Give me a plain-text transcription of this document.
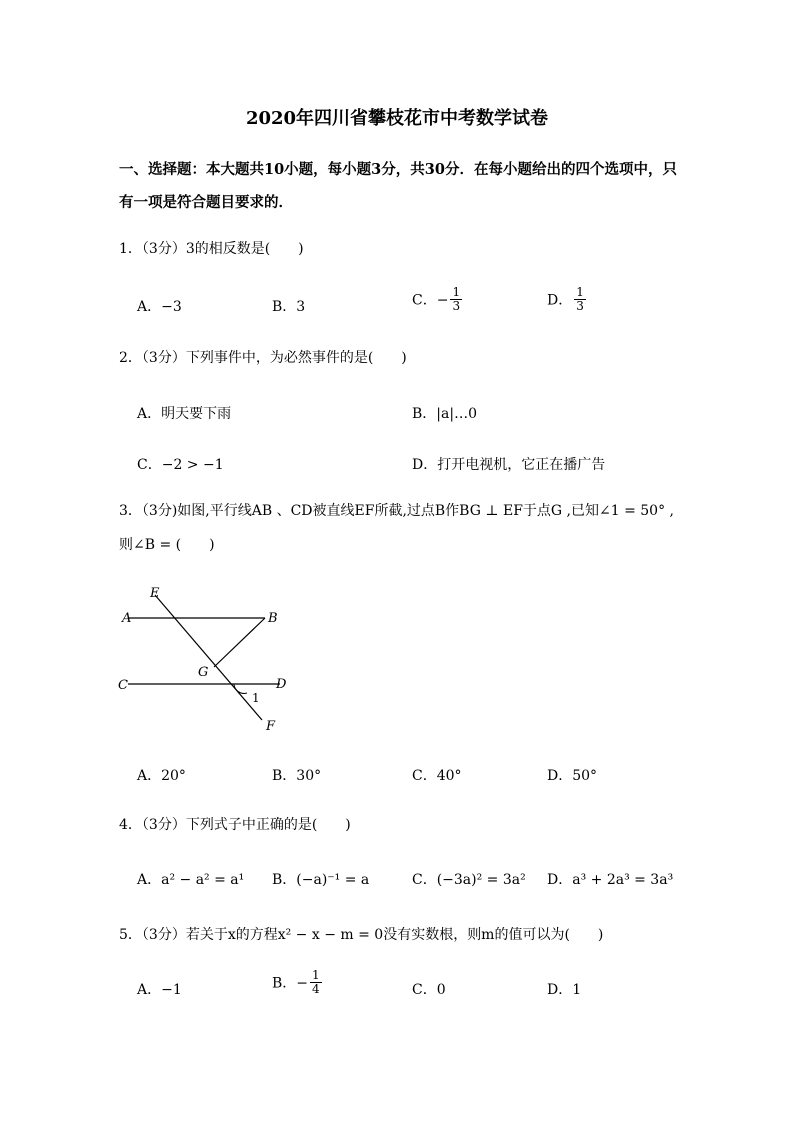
2020年四川省攀枝花市中考数学试卷
一、选择题：本大题共10小题，每小题3分，共30分．在每小题给出的四个选项中，只
有一项是符合题目要求的．
1．（3分）3的相反数是(　　)
A．−3	B．3	C．− $\frac{1}{3}$	D． $\frac{1}{3}$
2．（3分）下列事件中，为必然事件的是(　　)
A．明天要下雨	B．|a|…0
C．−2 > −1	D．打开电视机，它正在播广告
3．（3分)如图,平行线AB 、CD被直线EF所截,过点B作BG ⊥ EF于点G ,已知∠1 = 50° ,
则∠B = (　　)
E
A	B
G
C	D
1
F
A．20°	B．30°	C．40°	D．50°
4．（3分）下列式子中正确的是(　　)
A．a² − a² = a¹ B．(−a)⁻¹ = a	C．(−3a)² = 3a² D．a³ + 2a³ = 3a³
5．（3分）若关于x的方程x² − x − m = 0没有实数根，则m的值可以为(　　)
A．−1	B．− $\frac{1}{4}$	C．0	D．1
